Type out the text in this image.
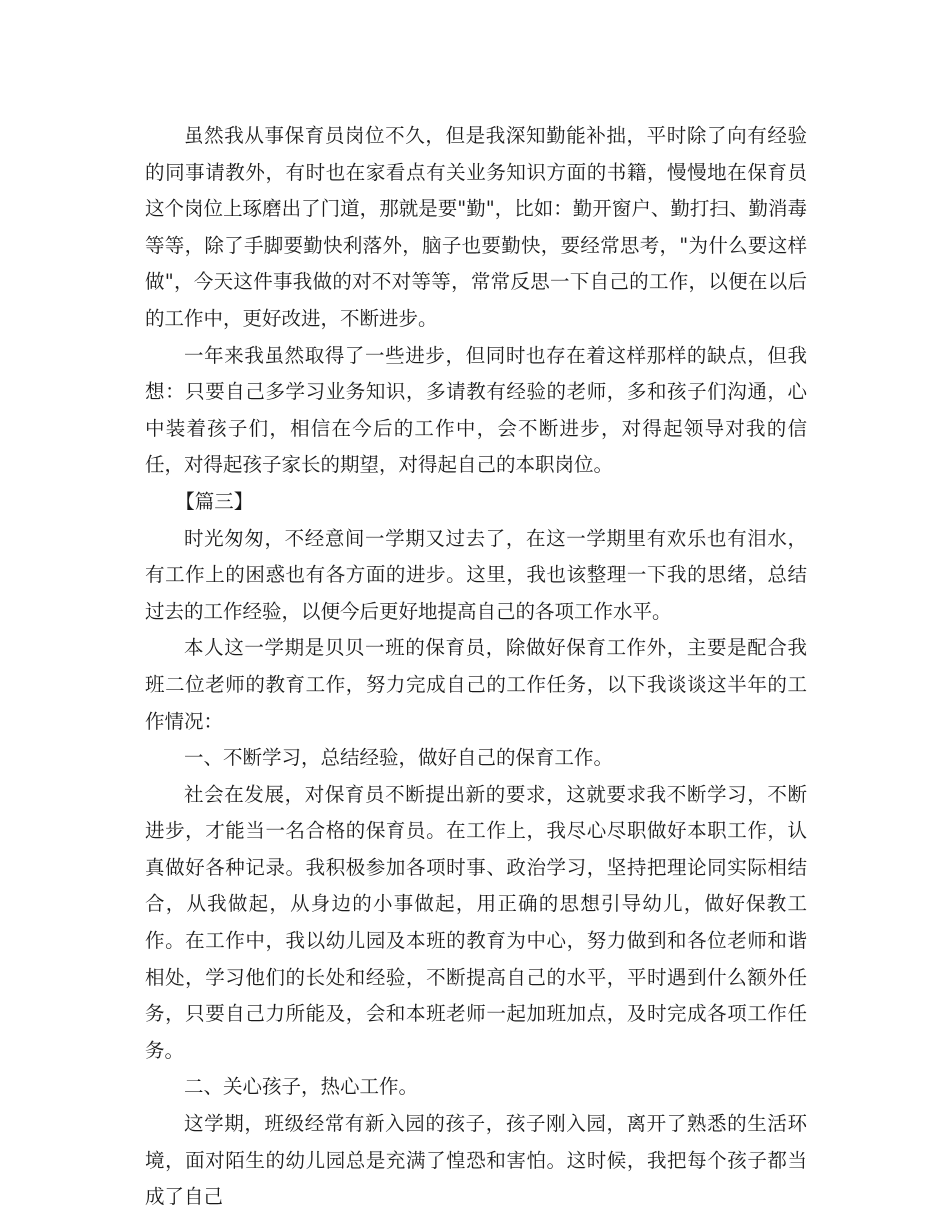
虽然我从事保育员岗位不久，但是我深知勤能补拙，平时除了向有经验的同事请教外，有时也在家看点有关业务知识方面的书籍，慢慢地在保育员这个岗位上琢磨出了门道，那就是要"勤"，比如：勤开窗户、勤打扫、勤消毒等等，除了手脚要勤快利落外，脑子也要勤快，要经常思考，"为什么要这样做"，今天这件事我做的对不对等等，常常反思一下自己的工作，以便在以后的工作中，更好改进，不断进步。

一年来我虽然取得了一些进步，但同时也存在着这样那样的缺点，但我想：只要自己多学习业务知识，多请教有经验的老师，多和孩子们沟通，心中装着孩子们，相信在今后的工作中，会不断进步，对得起领导对我的信任，对得起孩子家长的期望，对得起自己的本职岗位。

【篇三】

时光匆匆，不经意间一学期又过去了，在这一学期里有欢乐也有泪水，有工作上的困惑也有各方面的进步。这里，我也该整理一下我的思绪，总结过去的工作经验，以便今后更好地提高自己的各项工作水平。

本人这一学期是贝贝一班的保育员，除做好保育工作外，主要是配合我班二位老师的教育工作，努力完成自己的工作任务，以下我谈谈这半年的工作情况：

一、不断学习，总结经验，做好自己的保育工作。

社会在发展，对保育员不断提出新的要求，这就要求我不断学习，不断进步，才能当一名合格的保育员。在工作上，我尽心尽职做好本职工作，认真做好各种记录。我积极参加各项时事、政治学习，坚持把理论同实际相结合，从我做起，从身边的小事做起，用正确的思想引导幼儿，做好保教工作。在工作中，我以幼儿园及本班的教育为中心，努力做到和各位老师和谐相处，学习他们的长处和经验，不断提高自己的水平，平时遇到什么额外任务，只要自己力所能及，会和本班老师一起加班加点，及时完成各项工作任务。

二、关心孩子，热心工作。

这学期，班级经常有新入园的孩子，孩子刚入园，离开了熟悉的生活环境，面对陌生的幼儿园总是充满了惶恐和害怕。这时候，我把每个孩子都当成了自己
